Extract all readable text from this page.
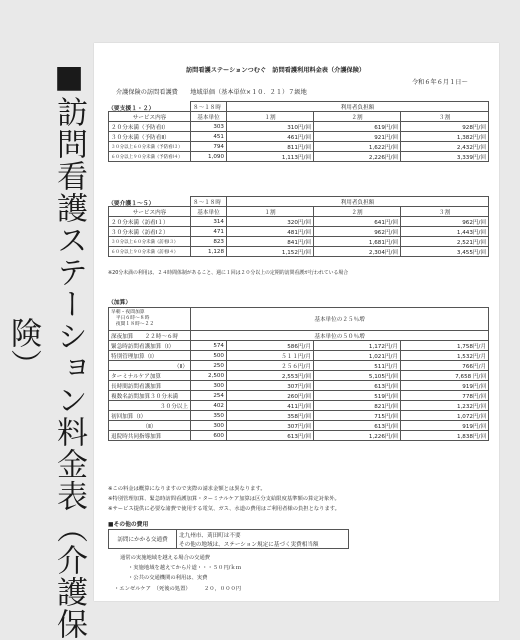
■訪問看護ステーション料金表（介護保険）
訪問看護ステーションつむぐ　訪問看護利用料金表（介護保険）
令和６年６月１日～
介護保険の訪問看護費　　地域単価（基本単位×１０．２１）７級地
（要支援１・２）
		８～１８時	利用者負担額		
サービス内容	基本単位	１割	２割	３割
２０分未満（予防看Ⅰ）	303	310円/回	619円/回	928円/回
３０分未満（予防看Ⅱ）	451	461円/回	921円/回	1,382円/回
３０分以上６０分未満（予防看Ⅰ３）	794	811円/回	1,622円/回	2,432円/回
６０分以上９０分未満（予防看Ⅰ４）	1,090	1,113円/回	2,226円/回	3,339円/回
（要介護１～５）
		８～１８時	利用者負担額		
サービス内容	基本単位	１割	２割	３割
２０分未満（訪看Ⅰ１）	314	320円/回	641円/回	962円/回
３０分未満（訪看Ⅰ２）	471	481円/回	962円/回	1,443円/回
３０分以上６０分未満（訪看Ⅰ３）	823	841円/回	1,681円/回	2,521円/回
６０分以上９０分未満（訪看Ⅰ４）	1,128	1,152円/回	2,304円/回	3,455円/回
※20分未満の利用は、２４時間体制があること、週に１回は２０分以上の定期的訪問看護が行われている場合
（加算）
早朝・夜間加算
　平日６時～８時
　夜間１８時～２２	基本単位の２５％増			
深夜加算　　２２時～６時	基本単位の５０％増			
緊急時訪問看護加算（Ⅰ）	574	586円/月	1,172円/月	1,758円/月
特別管理加算（Ⅰ）	500	５１１円/月	1,021円/月	1,532円/月
（Ⅱ）	250	２５６円/月	511円/月	766円/月
ターミナルケア加算	2,500	2,553円/回	5,105円/回	7,658 円/回
長時間訪問看護加算	300	307円/回	613円/回	919円/回
複数名訪問加算３０分未満	254	260円/回	519円/回	778円/回
３０分以上	402	411円/回	821円/回	1,232円/回
初回加算（Ⅰ）	350	358円/回	715円/回	1,072円/回
（Ⅱ）	300	307円/回	613円/回	919円/回
退院時共同指導加算	600	613円/回	1,226円/回	1,838円/回
※この料金は概算になりますので実際の請求金額とは異なります。
※特別管理加算、緊急時訪問看護加算・ターミナルケア加算は区分支給限度基準額の算定対象外。
※サービス提供に必要な諸費で使用する電気、ガス、水道の費用はご利用者様の負担となります。
■その他の費用
訪問にかかる交通費	北九州市、苅田町は不要
その他の地域は、ステーション規定に基づく実費相当額
通常の実施地域を越える場合の交通費
・実施地域を越えてから片道・・・５０円/ｋｍ
・公共の交通機関の利用は、実費
・エンゼルケア　（死後の処置）	２０，０００円
